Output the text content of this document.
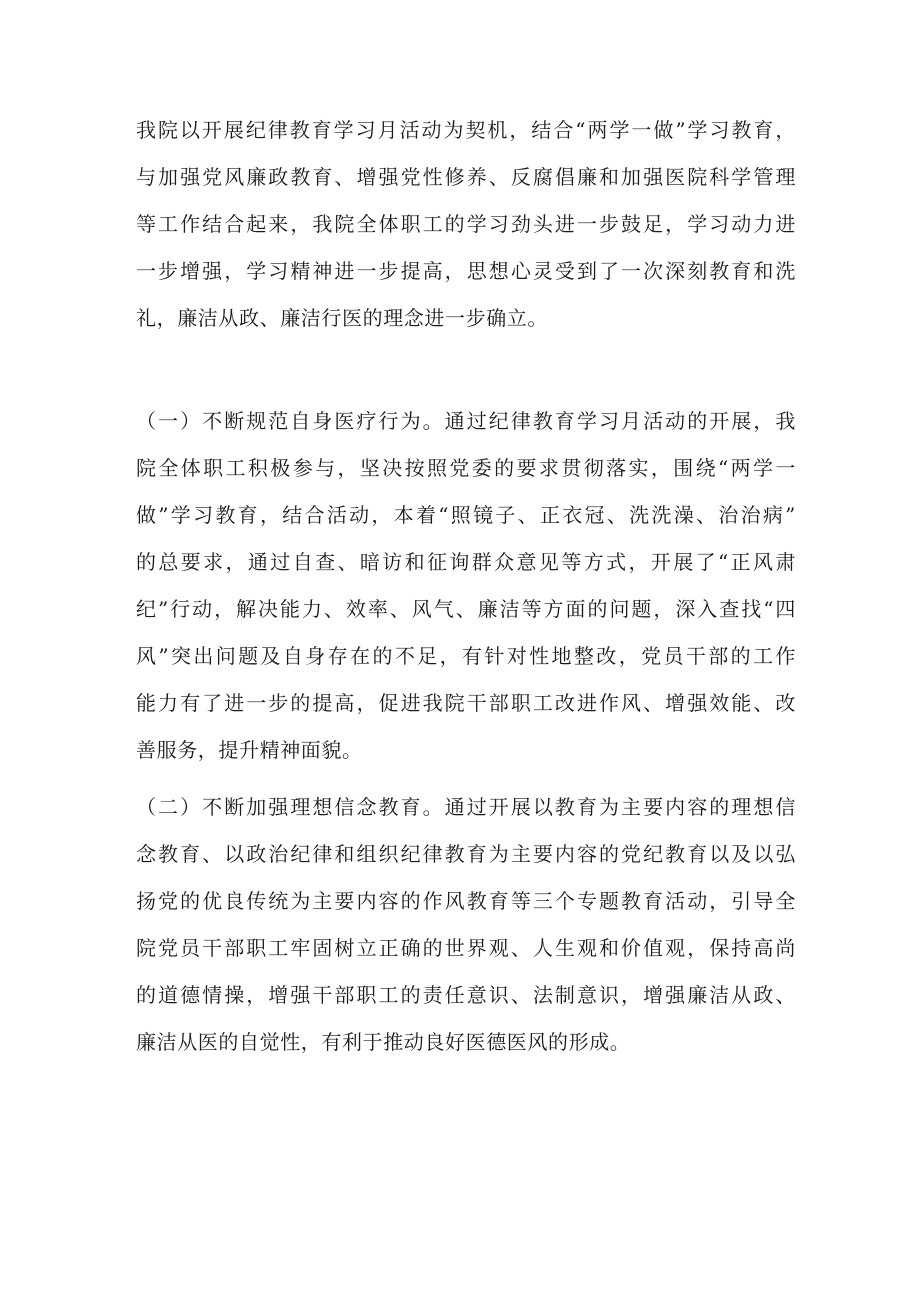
我院以开展纪律教育学习月活动为契机，结合“两学一做”学习教育，
与加强党风廉政教育、增强党性修养、反腐倡廉和加强医院科学管理
等工作结合起来，我院全体职工的学习劲头进一步鼓足，学习动力进
一步增强，学习精神进一步提高，思想心灵受到了一次深刻教育和洗
礼，廉洁从政、廉洁行医的理念进一步确立。
（一）不断规范自身医疗行为。通过纪律教育学习月活动的开展，我
院全体职工积极参与，坚决按照党委的要求贯彻落实，围绕“两学一
做”学习教育，结合活动，本着“照镜子、正衣冠、洗洗澡、治治病”
的总要求，通过自查、暗访和征询群众意见等方式，开展了“正风肃
纪”行动，解决能力、效率、风气、廉洁等方面的问题，深入查找“四
风”突出问题及自身存在的不足，有针对性地整改，党员干部的工作
能力有了进一步的提高，促进我院干部职工改进作风、增强效能、改
善服务，提升精神面貌。
（二）不断加强理想信念教育。通过开展以教育为主要内容的理想信
念教育、以政治纪律和组织纪律教育为主要内容的党纪教育以及以弘
扬党的优良传统为主要内容的作风教育等三个专题教育活动，引导全
院党员干部职工牢固树立正确的世界观、人生观和价值观，保持高尚
的道德情操，增强干部职工的责任意识、法制意识，增强廉洁从政、
廉洁从医的自觉性，有利于推动良好医德医风的形成。
